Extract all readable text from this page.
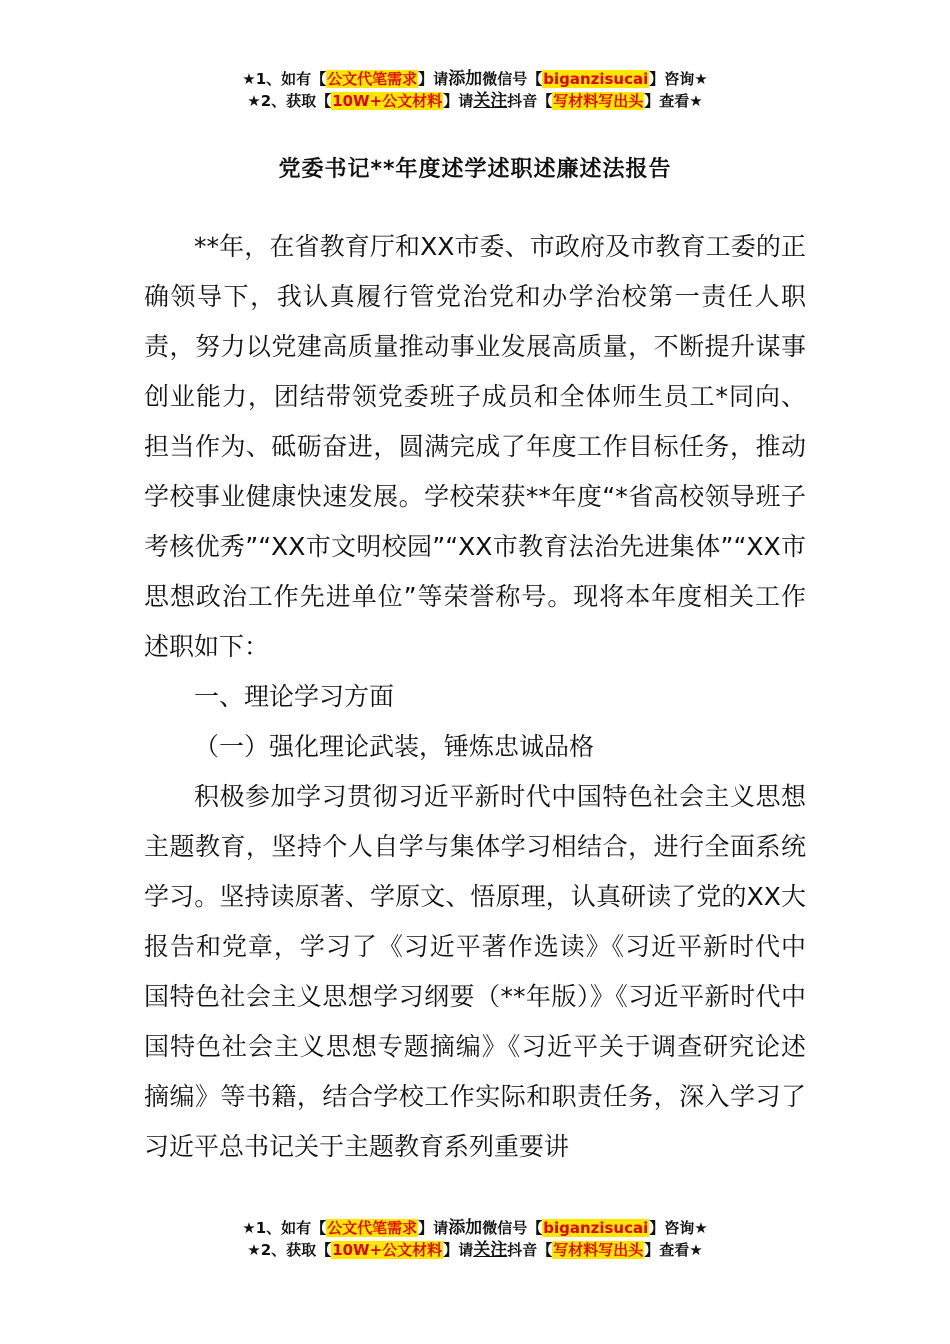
★1、如有【公文代笔需求】请添加微信号【biganzisucai】咨询★
★2、获取【10W+公文材料】请关注抖音【写材料写出头】查看★
党委书记**年度述学述职述廉述法报告

**年，在省教育厅和XX市委、市政府及市教育工委的正确领导下，我认真履行管党治党和办学治校第一责任人职责，努力以党建高质量推动事业发展高质量，不断提升谋事创业能力，团结带领党委班子成员和全体师生员工*同向、担当作为、砥砺奋进，圆满完成了年度工作目标任务，推动学校事业健康快速发展。学校荣获**年度“*省高校领导班子考核优秀”“XX市文明校园”“XX市教育法治先进集体”“XX市思想政治工作先进单位”等荣誉称号。现将本年度相关工作述职如下：

一、理论学习方面

（一）强化理论武装，锤炼忠诚品格

积极参加学习贯彻习近平新时代中国特色社会主义思想主题教育，坚持个人自学与集体学习相结合，进行全面系统学习。坚持读原著、学原文、悟原理，认真研读了党的XX大报告和党章，学习了《习近平著作选读》《习近平新时代中国特色社会主义思想学习纲要（**年版）》《习近平新时代中国特色社会主义思想专题摘编》《习近平关于调查研究论述摘编》等书籍，结合学校工作实际和职责任务，深入学习了习近平总书记关于主题教育系列重要讲

★1、如有【公文代笔需求】请添加微信号【biganzisucai】咨询★
★2、获取【10W+公文材料】请关注抖音【写材料写出头】查看★
